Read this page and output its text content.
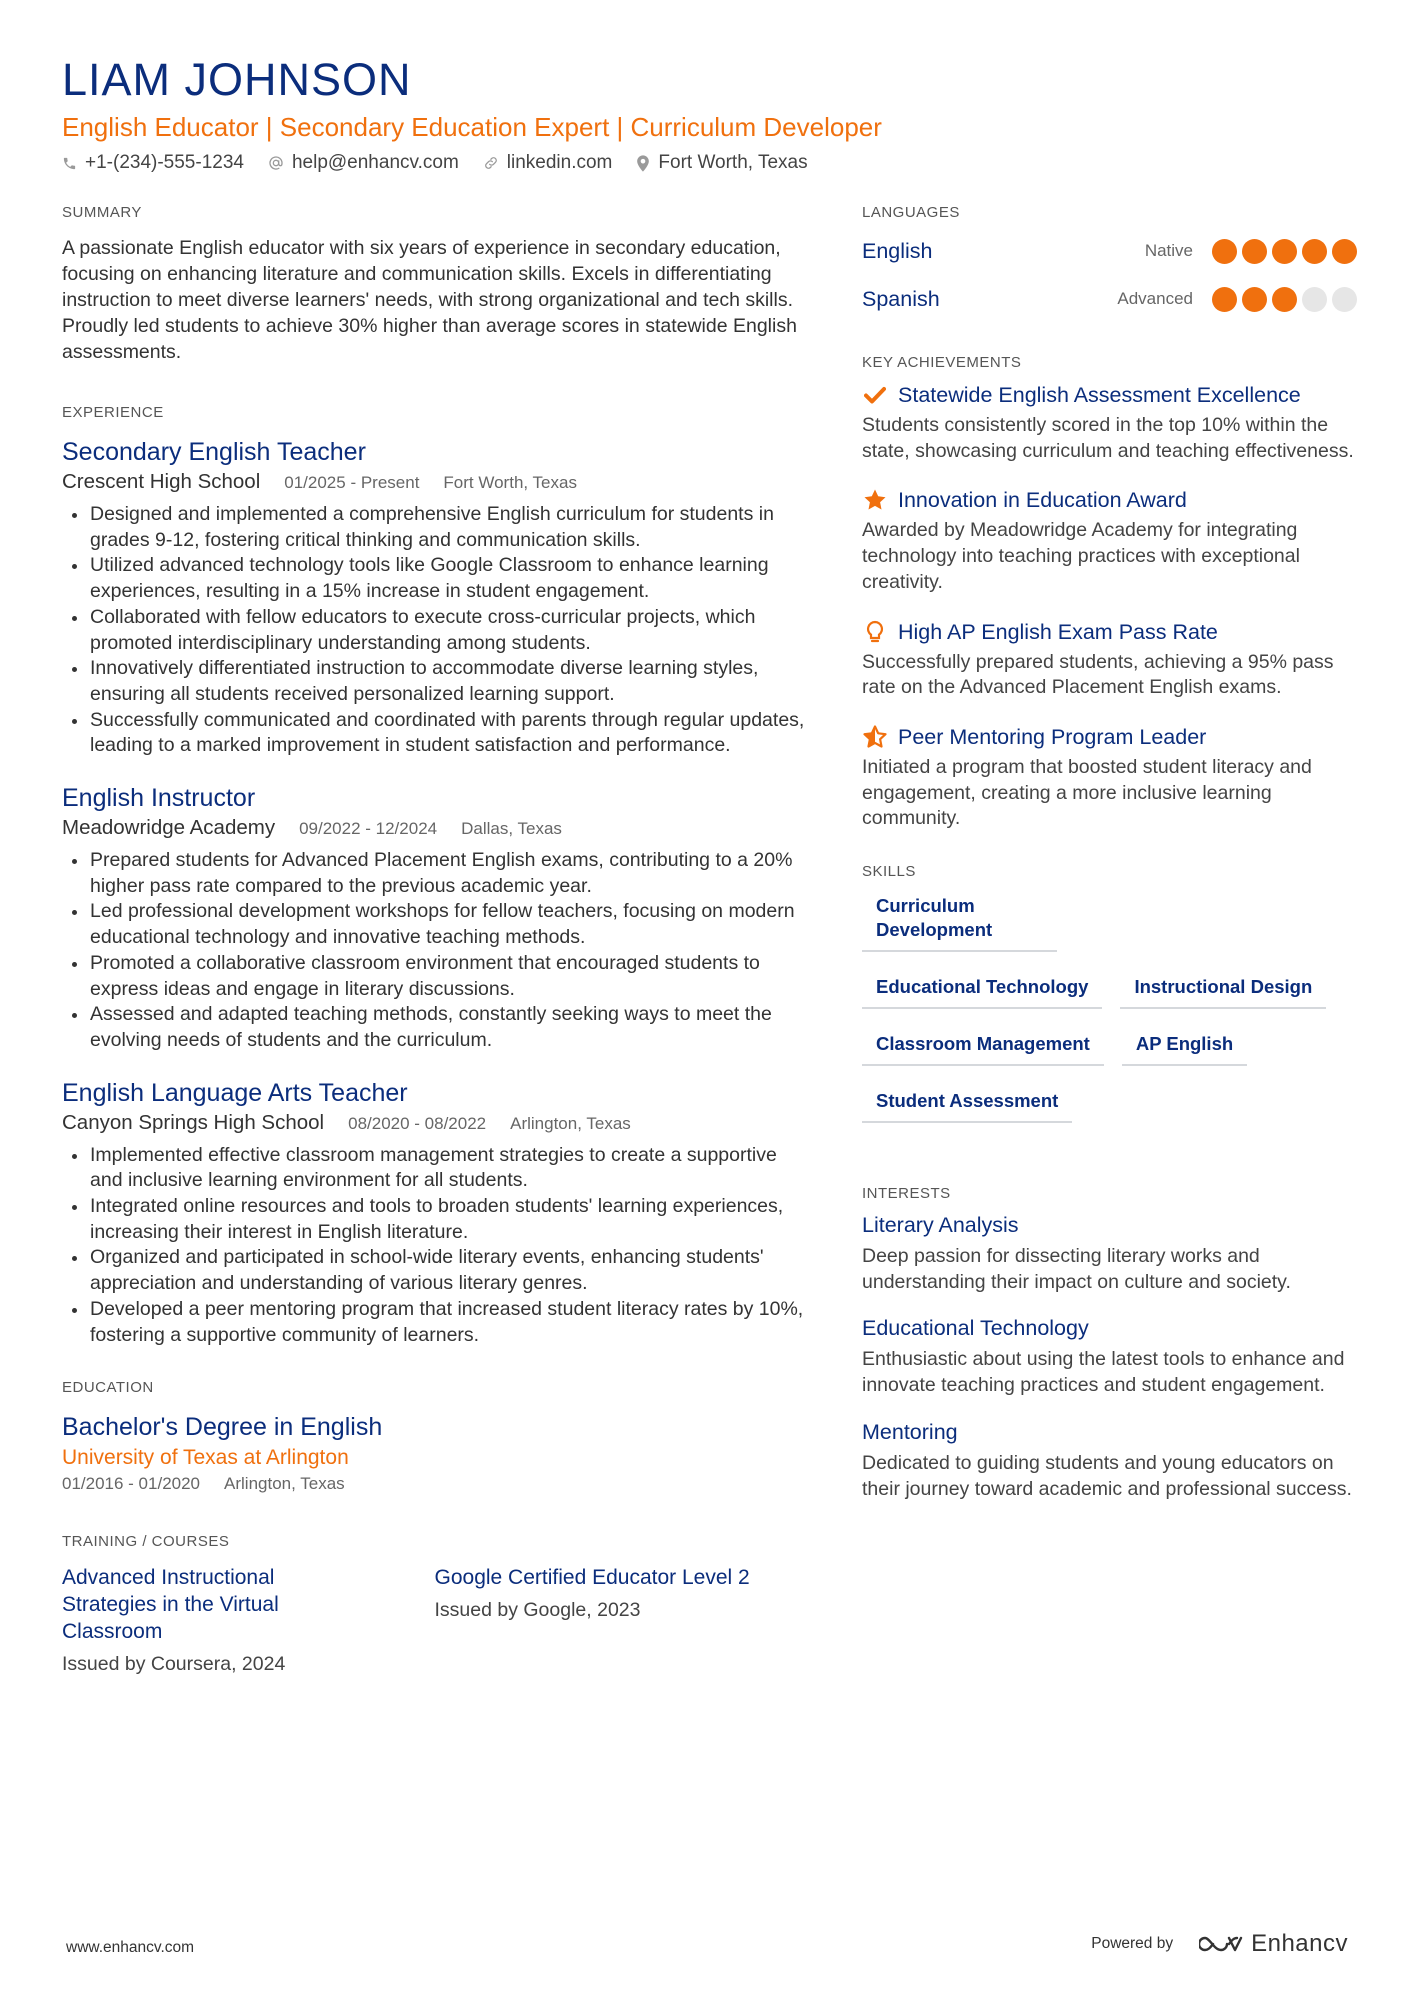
LIAM JOHNSON
English Educator | Secondary Education Expert | Curriculum Developer
+1-(234)-555-1234	help@enhancv.com	linkedin.com Fort Worth, Texas
SUMMARY
A passionate English educator with six years of experience in secondary education, focusing on enhancing literature and communication skills. Excels in differentiating instruction to meet diverse learners' needs, with strong organizational and tech skills. Proudly led students to achieve 30% higher than average scores in statewide English assessments.
EXPERIENCE
Secondary English Teacher
Crescent High School 01/2025 - Present Fort Worth, Texas
Designed and implemented a comprehensive English curriculum for students in grades 9-12, fostering critical thinking and communication skills.
Utilized advanced technology tools like Google Classroom to enhance learning experiences, resulting in a 15% increase in student engagement.
Collaborated with fellow educators to execute cross-curricular projects, which promoted interdisciplinary understanding among students.
Innovatively differentiated instruction to accommodate diverse learning styles, ensuring all students received personalized learning support.
Successfully communicated and coordinated with parents through regular updates, leading to a marked improvement in student satisfaction and performance.
English Instructor
Meadowridge Academy 09/2022 - 12/2024 Dallas, Texas
Prepared students for Advanced Placement English exams, contributing to a 20% higher pass rate compared to the previous academic year.
Led professional development workshops for fellow teachers, focusing on modern educational technology and innovative teaching methods.
Promoted a collaborative classroom environment that encouraged students to express ideas and engage in literary discussions.
Assessed and adapted teaching methods, constantly seeking ways to meet the evolving needs of students and the curriculum.
English Language Arts Teacher
Canyon Springs High School 08/2020 - 08/2022 Arlington, Texas
Implemented effective classroom management strategies to create a supportive and inclusive learning environment for all students.
Integrated online resources and tools to broaden students' learning experiences, increasing their interest in English literature.
Organized and participated in school-wide literary events, enhancing students' appreciation and understanding of various literary genres.
Developed a peer mentoring program that increased student literacy rates by 10%, fostering a supportive community of learners.
EDUCATION
Bachelor's Degree in English
University of Texas at Arlington
01/2016 - 01/2020 Arlington, Texas
TRAINING / COURSES
Advanced Instructional Strategies in the Virtual Classroom
Issued by Coursera, 2024
Google Certified Educator Level 2
Issued by Google, 2023
LANGUAGES
English	Native
Spanish	Advanced
KEY ACHIEVEMENTS
Statewide English Assessment Excellence
Students consistently scored in the top 10% within the state, showcasing curriculum and teaching effectiveness.
Innovation in Education Award
Awarded by Meadowridge Academy for integrating technology into teaching practices with exceptional creativity.
High AP English Exam Pass Rate
Successfully prepared students, achieving a 95% pass rate on the Advanced Placement English exams.
Peer Mentoring Program Leader
Initiated a program that boosted student literacy and engagement, creating a more inclusive learning community.
SKILLS
Curriculum Development
Educational Technology	Instructional Design
Classroom Management	AP English
Student Assessment
INTERESTS
Literary Analysis
Deep passion for dissecting literary works and understanding their impact on culture and society.
Educational Technology
Enthusiastic about using the latest tools to enhance and innovate teaching practices and student engagement.
Mentoring
Dedicated to guiding students and young educators on their journey toward academic and professional success.
www.enhancv.com	Powered by	Enhancv
